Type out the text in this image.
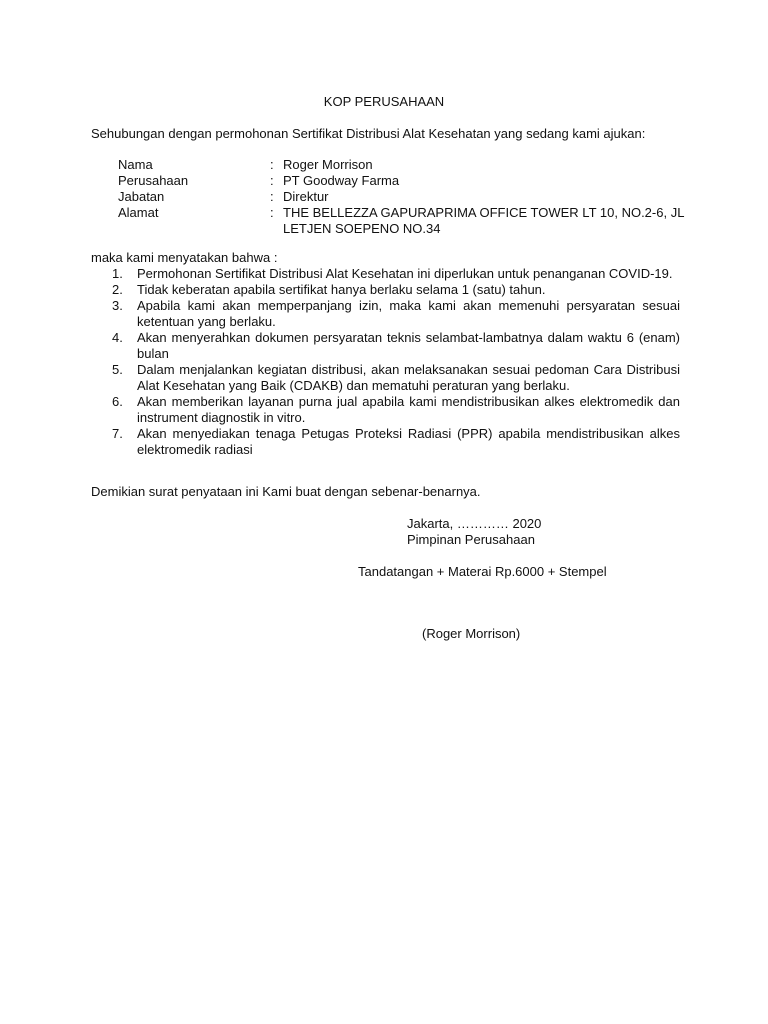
KOP PERUSAHAAN
Sehubungan dengan permohonan Sertifikat Distribusi Alat Kesehatan yang sedang kami ajukan:
Nama	: Roger Morrison
Perusahaan	: PT Goodway Farma
Jabatan	: Direktur
Alamat	: THE BELLEZZA GAPURAPRIMA OFFICE TOWER LT 10, NO.2-6, JL LETJEN SOEPENO NO.34
maka kami menyatakan bahwa :
1.	Permohonan Sertifikat Distribusi Alat Kesehatan ini diperlukan untuk penanganan COVID-19.
2.	Tidak keberatan apabila sertifikat hanya berlaku selama 1 (satu) tahun.
3.	Apabila kami akan memperpanjang izin, maka kami akan memenuhi persyaratan sesuai ketentuan yang berlaku.
4.	Akan menyerahkan dokumen persyaratan teknis selambat-lambatnya dalam waktu 6 (enam) bulan
5.	Dalam menjalankan kegiatan distribusi, akan melaksanakan sesuai pedoman Cara Distribusi Alat Kesehatan yang Baik (CDAKB) dan mematuhi peraturan yang berlaku.
6.	Akan memberikan layanan purna jual apabila kami mendistribusikan alkes elektromedik dan instrument diagnostik in vitro.
7.	Akan menyediakan tenaga Petugas Proteksi Radiasi (PPR) apabila mendistribusikan alkes elektromedik radiasi
Demikian surat penyataan ini Kami buat dengan sebenar-benarnya.
Jakarta, ………… 2020
Pimpinan Perusahaan
Tandatangan + Materai Rp.6000 + Stempel
(Roger Morrison)
